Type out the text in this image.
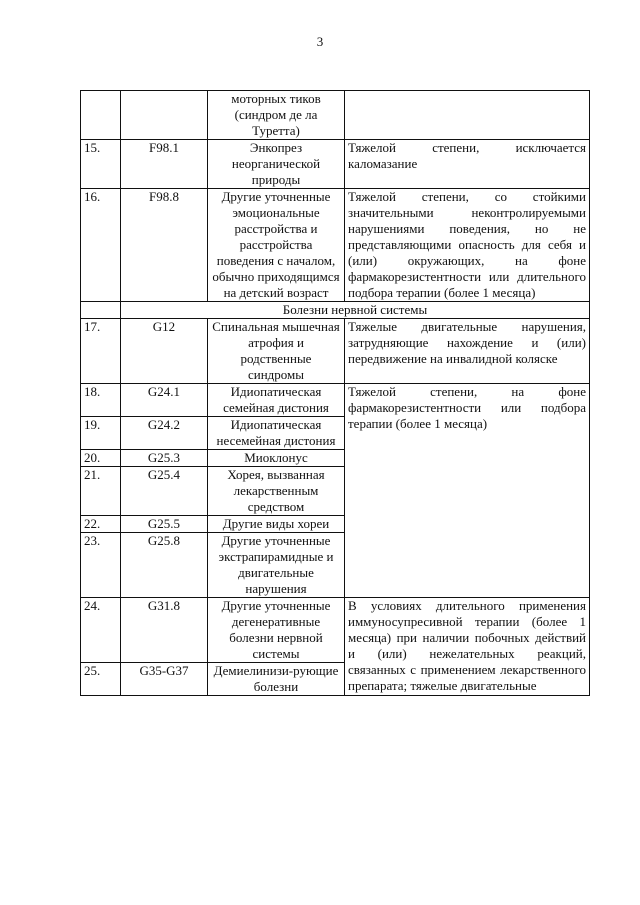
3
		моторных тиков (синдром де ла Туретта)	
15.	F98.1	Энкопрез неорганической природы	Тяжелой степени, исключается каломазание
16.	F98.8	Другие уточненные эмоциональные расстройства и расстройства поведения с началом, обычно приходящимся на детский возраст	Тяжелой степени, со стойкими значительными неконтролируемыми нарушениями поведения, но не представляющими опасность для себя и (или) окружающих, на фоне фармакорезистентности или длительного подбора терапии (более 1 месяца)
	Болезни нервной системы		
17.	G12	Спинальная мышечная атрофия и родственные синдромы	Тяжелые двигательные нарушения, затрудняющие нахождение и (или) передвижение на инвалидной коляске
18.	G24.1	Идиопатическая семейная дистония	Тяжелой степени, на фоне фармакорезистентности или подбора терапии (более 1 месяца)
19.	G24.2	Идиопатическая несемейная дистония	
20.	G25.3	Миоклонус	
21.	G25.4	Хорея, вызванная лекарственным средством	
22.	G25.5	Другие виды хореи	
23.	G25.8	Другие уточненные экстрапирамидные и двигательные нарушения	
24.	G31.8	Другие уточненные дегенеративные болезни нервной системы	В условиях длительного применения иммуносупресивной терапии (более 1 месяца) при наличии побочных действий и (или) нежелательных реакций, связанных с применением лекарственного препарата; тяжелые двигательные
25.	G35-G37	Демиелинизи-рующие болезни	
